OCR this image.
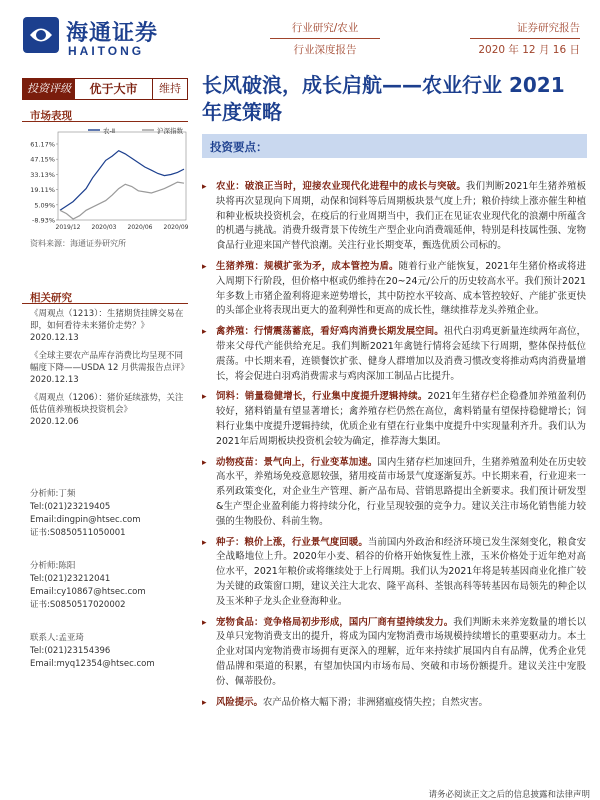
海通证券
HAITONG
行业研究/农业
行业深度报告
证券研究报告
2020 年 12 月 16 日
投资评级	优于大市	维持
市场表现
农-Ⅱ	沪深指数
61.17%
47.15%
33.13%
19.11%
5.09%
-8.93%
2019/12 2020/03 2020/06 2020/09
资料来源：海通证券研究所
相关研究
《周观点（1213）：生猪期货挂牌交易在即，如何看待未来猪价走势？》
2020.12.13
《全球主要农产品库存消费比均呈现不同幅度下降——USDA 12 月供需报告点评》
2020.12.13
《周观点（1206）：猪价延续涨势，关注低估值养殖板块投资机会》
2020.12.06
分析师:丁频
Tel:(021)23219405
Email:dingpin@htsec.com
证书:S0850511050001
分析师:陈阳
Tel:(021)23212041
Email:cy10867@htsec.com
证书:S0850517020002
联系人:孟亚琦
Tel:(021)23154396
Email:myq12354@htsec.com
长风破浪，成长启航——农业行业 2021 年度策略
投资要点：
▸ 农业：破浪正当时，迎接农业现代化进程中的成长与突破。我们判断2021年生猪养殖板块将再次显现向下周期，动保和饲料等后周期板块景气度上升；粮价持续上涨亦催生种植和种业板块投资机会，在疫后的行业周期当中，我们正在见证农业现代化的浪潮中所蕴含的机遇与挑战。消费升级背景下传统生产型企业向消费端延伸，特别是科技属性强、宠物食品行业迎来国产替代浪潮。关注行业长期变革，甄选优质公司标的。
▸ 生猪养殖：规模扩张为矛，成本管控为盾。随着行业产能恢复，2021年生猪价格或将进入周期下行阶段，但价格中枢或仍维持在20~24元/公斤的历史较高水平。我们预计2021年多数上市猪企盈利将迎来逆势增长，其中防控水平较高、成本管控较好、产能扩张更快的头部企业将表现出更大的盈利弹性和更高的成长性，继续推荐龙头养殖企业。
▸ 禽养殖：行情震荡蓄底，看好鸡肉消费长期发展空间。祖代白羽鸡更新量连续两年高位，带来父母代产能供给充足。我们判断2021年禽链行情将会延续下行周期，整体保持低位震荡。中长期来看，连锁餐饮扩张、健身人群增加以及消费习惯改变将推动鸡肉消费量增长，将会促进白羽鸡消费需求与鸡肉深加工制品占比提升。
▸ 饲料：销量稳健增长，行业集中度提升逻辑持续。2021年生猪存栏企稳叠加养殖盈利仍较好，猪料销量有望显著增长；禽养殖存栏仍然在高位，禽料销量有望保持稳健增长；饲料行业集中度提升逻辑持续，优质企业有望在行业集中度提升中实现量利齐升。我们认为2021年后周期板块投资机会较为确定，推荐海大集团。
▸ 动物疫苗：景气向上，行业变革加速。国内生猪存栏加速回升，生猪养殖盈利处在历史较高水平，养殖场免疫意愿较强，猪用疫苗市场景气度逐渐复苏。中长期来看，行业迎来一系列政策变化，对企业生产管理、新产品布局、营销思路提出全新要求。我们预计研发型&生产型企业盈利能力将持续分化，行业呈现较强的竞争力。建议关注市场化销售能力较强的生物股份、科前生物。
▸ 种子：粮价上涨，行业景气度回暖。当前国内外政治和经济环境已发生深刻变化，粮食安全战略地位上升。2020年小麦、稻谷的价格开始恢复性上涨，玉米价格处于近年绝对高位水平，2021年粮价或将继续处于上行周期。我们认为2021年将是转基因商业化推广较为关键的政策窗口期，建议关注大北农、隆平高科、荃银高科等转基因布局领先的种企以及玉米种子龙头企业登海种业。
▸ 宠物食品：竞争格局初步形成，国内厂商有望持续发力。我们判断未来养宠数量的增长以及单只宠物消费支出的提升，将成为国内宠物消费市场规模持续增长的重要驱动力。本土企业对国内宠物消费市场拥有更深入的理解，近年来持续扩展国内自有品牌，优秀企业凭借品牌和渠道的积累，有望加快国内市场布局、突破和市场份额提升。建议关注中宠股份、佩蒂股份。
▸ 风险提示。农产品价格大幅下滑；非洲猪瘟疫情失控；自然灾害。
请务必阅读正文之后的信息披露和法律声明
